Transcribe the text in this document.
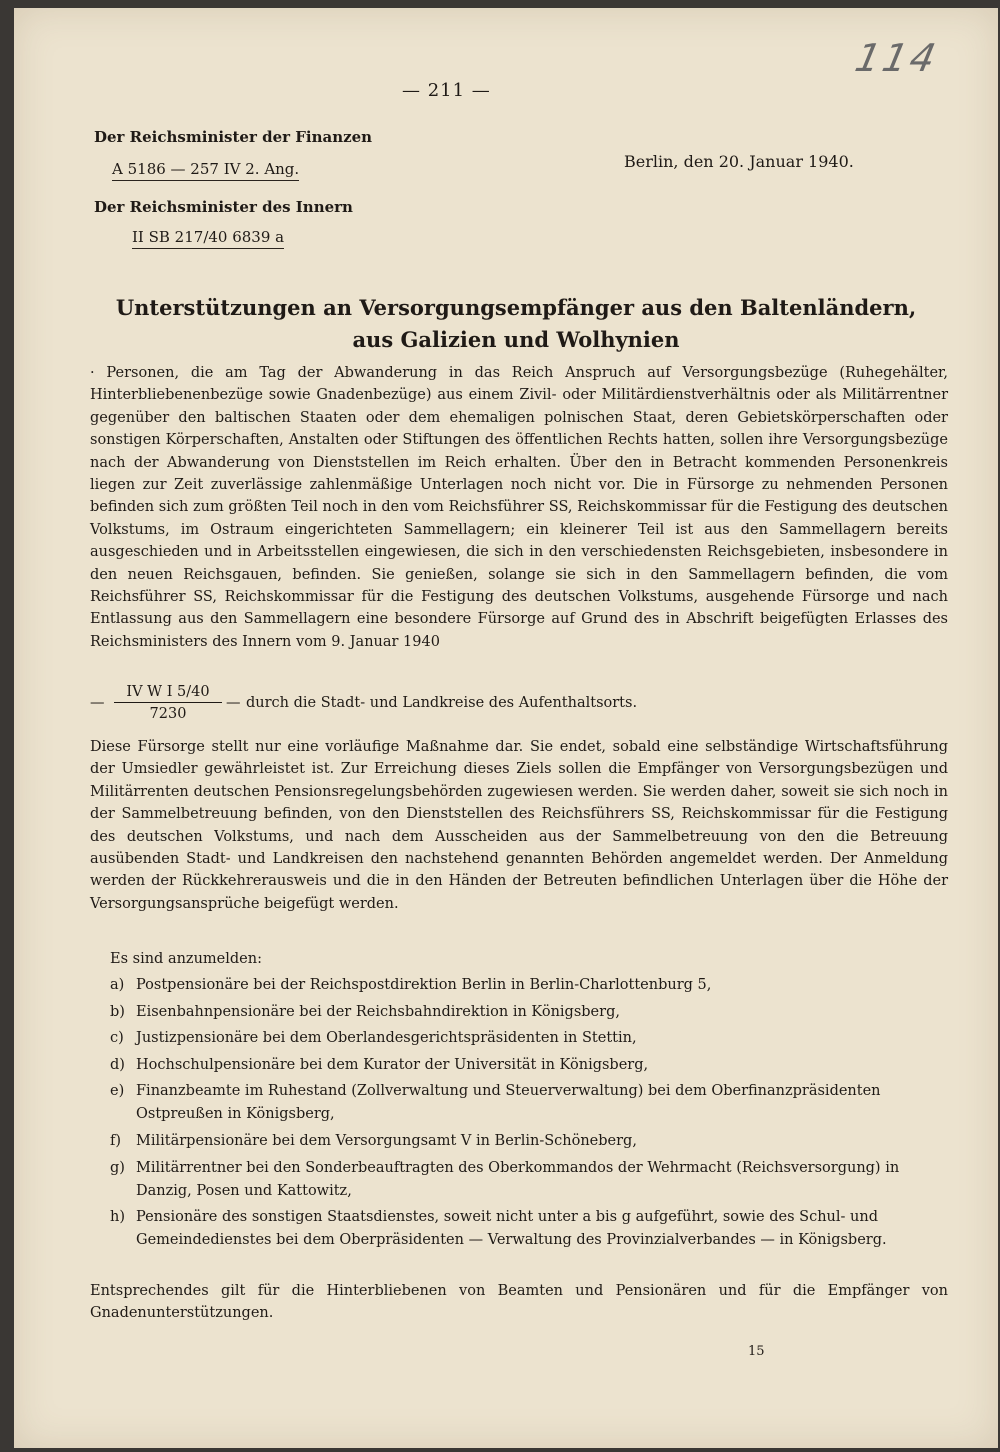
114
— 211 —
Der Reichsminister der Finanzen
A 5186 — 257 IV 2. Ang.
Der Reichsminister des Innern
II SB 217/40 6839 a
Berlin, den 20. Januar 1940.
Unterstützungen an Versorgungsempfänger aus den Baltenländern,
aus Galizien und Wolhynien

· Personen, die am Tag der Abwanderung in das Reich Anspruch auf Versorgungsbezüge (Ruhegehälter, Hinterbliebenenbezüge sowie Gnadenbezüge) aus einem Zivil- oder Militärdienstverhältnis oder als Militärrentner gegenüber den baltischen Staaten oder dem ehemaligen polnischen Staat, deren Gebietskörperschaften oder sonstigen Körperschaften, Anstalten oder Stiftungen des öffentlichen Rechts hatten, sollen ihre Versorgungsbezüge nach der Abwanderung von Dienststellen im Reich erhalten. Über den in Betracht kommenden Personenkreis liegen zur Zeit zuverlässige zahlenmäßige Unterlagen noch nicht vor. Die in Fürsorge zu nehmenden Personen befinden sich zum größten Teil noch in den vom Reichsführer SS, Reichskommissar für die Festigung des deutschen Volkstums, im Ostraum eingerichteten Sammellagern; ein kleinerer Teil ist aus den Sammellagern bereits ausgeschieden und in Arbeitsstellen eingewiesen, die sich in den verschiedensten Reichsgebieten, insbesondere in den neuen Reichsgauen, befinden. Sie genießen, solange sie sich in den Sammellagern befinden, die vom Reichsführer SS, Reichskommissar für die Festigung des deutschen Volkstums, ausgehende Fürsorge und nach Entlassung aus den Sammellagern eine besondere Fürsorge auf Grund des in Abschrift beigefügten Erlasses des Reichsministers des Innern vom 9. Januar 1940

— $\frac{\text{IV W I 5/40}}{7230}$ — durch die Stadt- und Landkreise des Aufenthaltsorts.

Diese Fürsorge stellt nur eine vorläufige Maßnahme dar. Sie endet, sobald eine selbständige Wirtschaftsführung der Umsiedler gewährleistet ist. Zur Erreichung dieses Ziels sollen die Empfänger von Versorgungsbezügen und Militärrenten deutschen Pensionsregelungsbehörden zugewiesen werden. Sie werden daher, soweit sie sich noch in der Sammelbetreuung befinden, von den Dienststellen des Reichsführers SS, Reichskommissar für die Festigung des deutschen Volkstums, und nach dem Ausscheiden aus der Sammelbetreuung von den die Betreuung ausübenden Stadt- und Landkreisen den nachstehend genannten Behörden angemeldet werden. Der Anmeldung werden der Rückkehrerausweis und die in den Händen der Betreuten befindlichen Unterlagen über die Höhe der Versorgungsansprüche beigefügt werden.

Es sind anzumelden:
a) Postpensionäre bei der Reichspostdirektion Berlin in Berlin-Charlottenburg 5,
b) Eisenbahnpensionäre bei der Reichsbahndirektion in Königsberg,
c) Justizpensionäre bei dem Oberlandesgerichtspräsidenten in Stettin,
d) Hochschulpensionäre bei dem Kurator der Universität in Königsberg,
e) Finanzbeamte im Ruhestand (Zollverwaltung und Steuerverwaltung) bei dem Oberfinanzpräsidenten Ostpreußen in Königsberg,
f) Militärpensionäre bei dem Versorgungsamt V in Berlin-Schöneberg,
g) Militärrentner bei den Sonderbeauftragten des Oberkommandos der Wehrmacht (Reichsversorgung) in Danzig, Posen und Kattowitz,
h) Pensionäre des sonstigen Staatsdienstes, soweit nicht unter a bis g aufgeführt, sowie des Schul- und Gemeindedienstes bei dem Oberpräsidenten — Verwaltung des Provinzialverbandes — in Königsberg.

Entsprechendes gilt für die Hinterbliebenen von Beamten und Pensionären und für die Empfänger von Gnadenunterstützungen.

15
